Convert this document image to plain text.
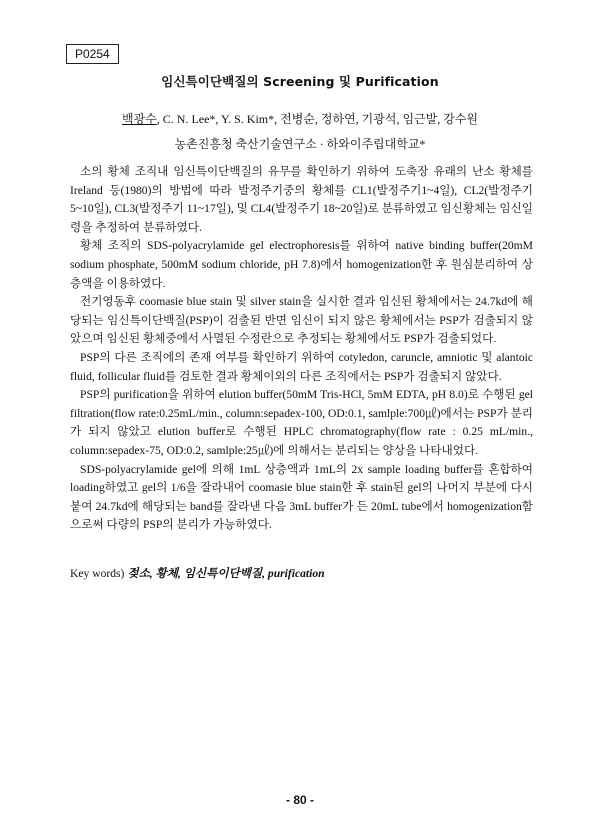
P0254
임신특이단백질의 Screening 및 Purification
백광수, C. N. Lee*, Y. S. Kim*, 전병순, 정하연, 기광석, 임근발, 강수원
농촌진흥청 축산기술연구소 · 하와이주립대학교*

소의 황체 조직내 임신특이단백질의 유무를 확인하기 위하여 도축장 유래의 난소 황체를 Ireland 등(1980)의 방법에 따라 발정주기중의 황체를 CL1(발정주기1~4일), CL2(발정주기 5~10일), CL3(발정주기 11~17일), 및 CL4(발정주기 18~20일)로 분류하였고 임신황체는 임신일령을 추정하여 분류하였다.

황체 조직의 SDS-polyacrylamide gel electrophoresis를 위하여 native binding buffer(20mM sodium phosphate, 500mM sodium chloride, pH 7.8)에서 homogenization한 후 원심분리하여 상층액을 이용하였다.

전기영동후 coomasie blue stain 및 silver stain을 실시한 결과 임신된 황체에서는 24.7kd에 해당되는 임신특이단백질(PSP)이 검출된 반면 임신이 되지 않은 황체에서는 PSP가 검출되지 않았으며 임신된 황체중에서 사멸된 수정란으로 추정되는 황체에서도 PSP가 검출되었다.

PSP의 다른 조직에의 존재 여부를 확인하기 위하여 cotyledon, caruncle, amniotic 및 alantoic fluid, follicular fluid를 검토한 결과 황체이외의 다른 조직에서는 PSP가 검출되지 않았다.

PSP의 purification을 위하여 elution buffer(50mM Tris-HCl, 5mM EDTA, pH 8.0)로 수행된 gel filtration(flow rate:0.25mL/min., column:sepadex-100, OD:0.1, samlple:700㎕)에서는 PSP가 분리가 되지 않았고 elution buffer로 수행된 HPLC chromatography(flow rate : 0.25 mL/min., column:sepadex-75, OD:0.2, samlple:25㎕)에 의해서는 분리되는 양상을 나타내었다.

SDS-polyacrylamide gel에 의해 1mL 상층액과 1mL의 2x sample loading buffer를 혼합하여 loading하였고 gel의 1/6을 잘라내어 coomasie blue stain한 후 stain된 gel의 나머지 부분에 다시 붙여 24.7kd에 해당되는 band를 잘라낸 다음 3mL buffer가 든 20mL tube에서 homogenization함으로써 다량의 PSP의 분리가 가능하였다.

Key words) 젖소, 황체, 임신특이단백질, purification
- 80 -
